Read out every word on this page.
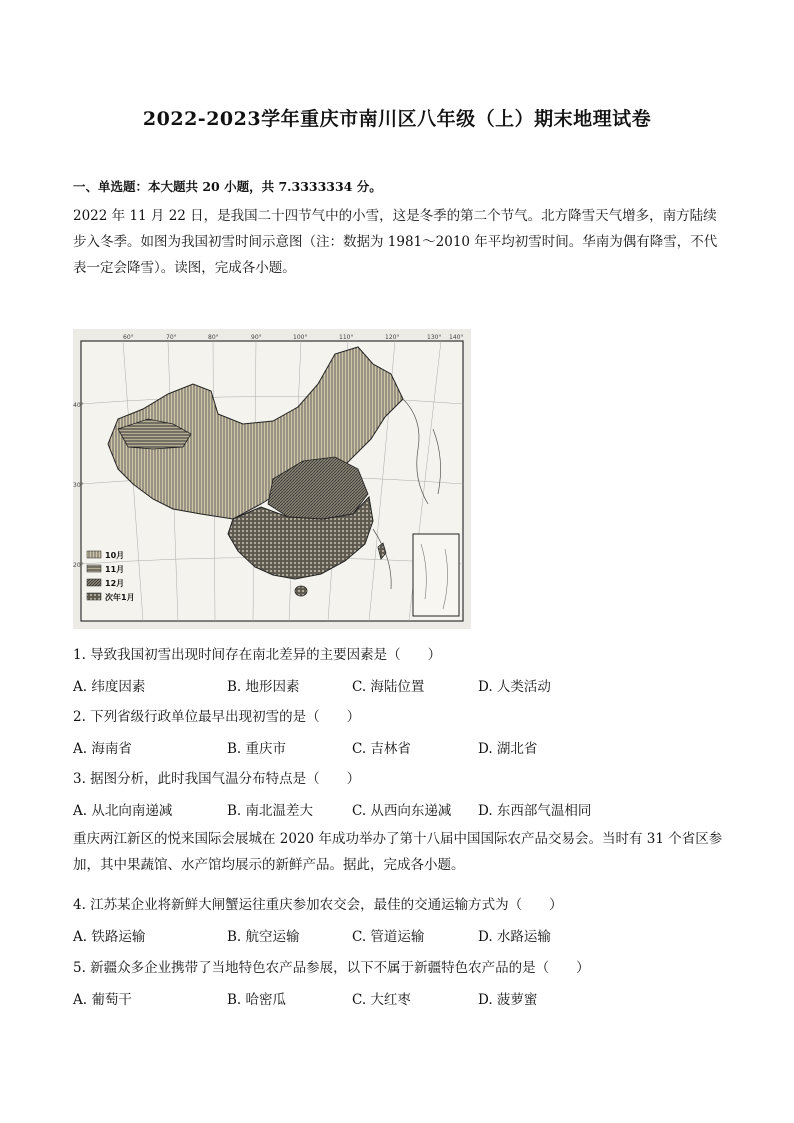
2022-2023学年重庆市南川区八年级（上）期末地理试卷
一、单选题：本大题共 20 小题，共 7.3333334 分。
2022 年 11 月 22 日，是我国二十四节气中的小雪，这是冬季的第二个节气。北方降雪天气增多，南方陆续步入冬季。如图为我国初雪时间示意图（注：数据为 1981～2010 年平均初雪时间。华南为偶有降雪，不代表一定会降雪）。读图，完成各小题。
60°	70°	80°	90°	100°	110°	120°	130° 140°
40°
30°
20°
10月
11月
12月
次年1月
1. 导致我国初雪出现时间存在南北差异的主要因素是（　　）
A. 纬度因素	B. 地形因素	C. 海陆位置	D. 人类活动
2. 下列省级行政单位最早出现初雪的是（　　）
A. 海南省	B. 重庆市	C. 吉林省	D. 湖北省
3. 据图分析，此时我国气温分布特点是（　　）
A. 从北向南递减	B. 南北温差大	C. 从西向东递减 D. 东西部气温相同
重庆两江新区的悦来国际会展城在 2020 年成功举办了第十八届中国国际农产品交易会。当时有 31 个省区参加，其中果蔬馆、水产馆均展示的新鲜产品。据此，完成各小题。
4. 江苏某企业将新鲜大闸蟹运往重庆参加农交会，最佳的交通运输方式为（　　）
A. 铁路运输	B. 航空运输	C. 管道运输	D. 水路运输
5. 新疆众多企业携带了当地特色农产品参展，以下不属于新疆特色农产品的是（　　）
A. 葡萄干	B. 哈密瓜	C. 大红枣	D. 菠萝蜜
